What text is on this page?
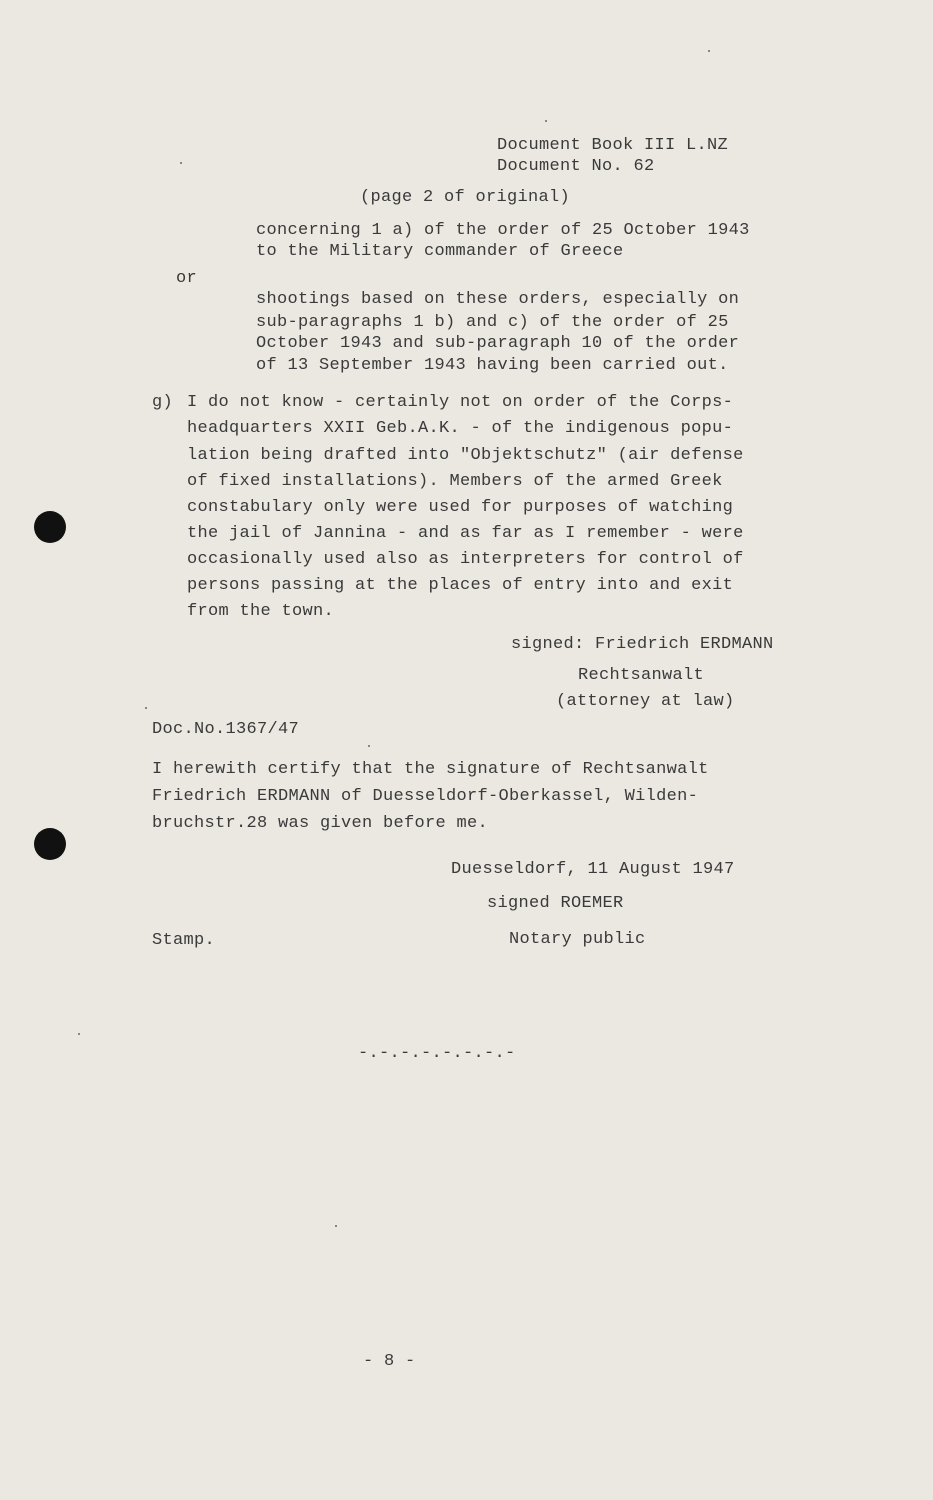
Document Book III L.NZ
Document No. 62
(page 2 of original)
concerning 1 a) of the order of 25 October 1943
to the Military commander of Greece
or
shootings based on these orders, especially on
sub-paragraphs 1 b) and c) of the order of 25
October 1943 and sub-paragraph 10 of the order
of 13 September 1943 having been carried out.
g) I do not know - certainly not on order of the Corps-
headquarters XXII Geb.A.K. - of the indigenous popu-
lation being drafted into "Objektschutz" (air defense
of fixed installations). Members of the armed Greek
constabulary only were used for purposes of watching
the jail of Jannina - and as far as I remember - were
occasionally used also as interpreters for control of
persons passing at the places of entry into and exit
from the town.
signed: Friedrich ERDMANN
Rechtsanwalt
(attorney at law)
Doc.No.1367/47
I herewith certify that the signature of Rechtsanwalt
Friedrich ERDMANN of Duesseldorf-Oberkassel, Wilden-
bruchstr.28 was given before me.
Duesseldorf, 11 August 1947
signed ROEMER
Notary public
Stamp.
-.-.-.-.-.-.-.-
- 8 -
